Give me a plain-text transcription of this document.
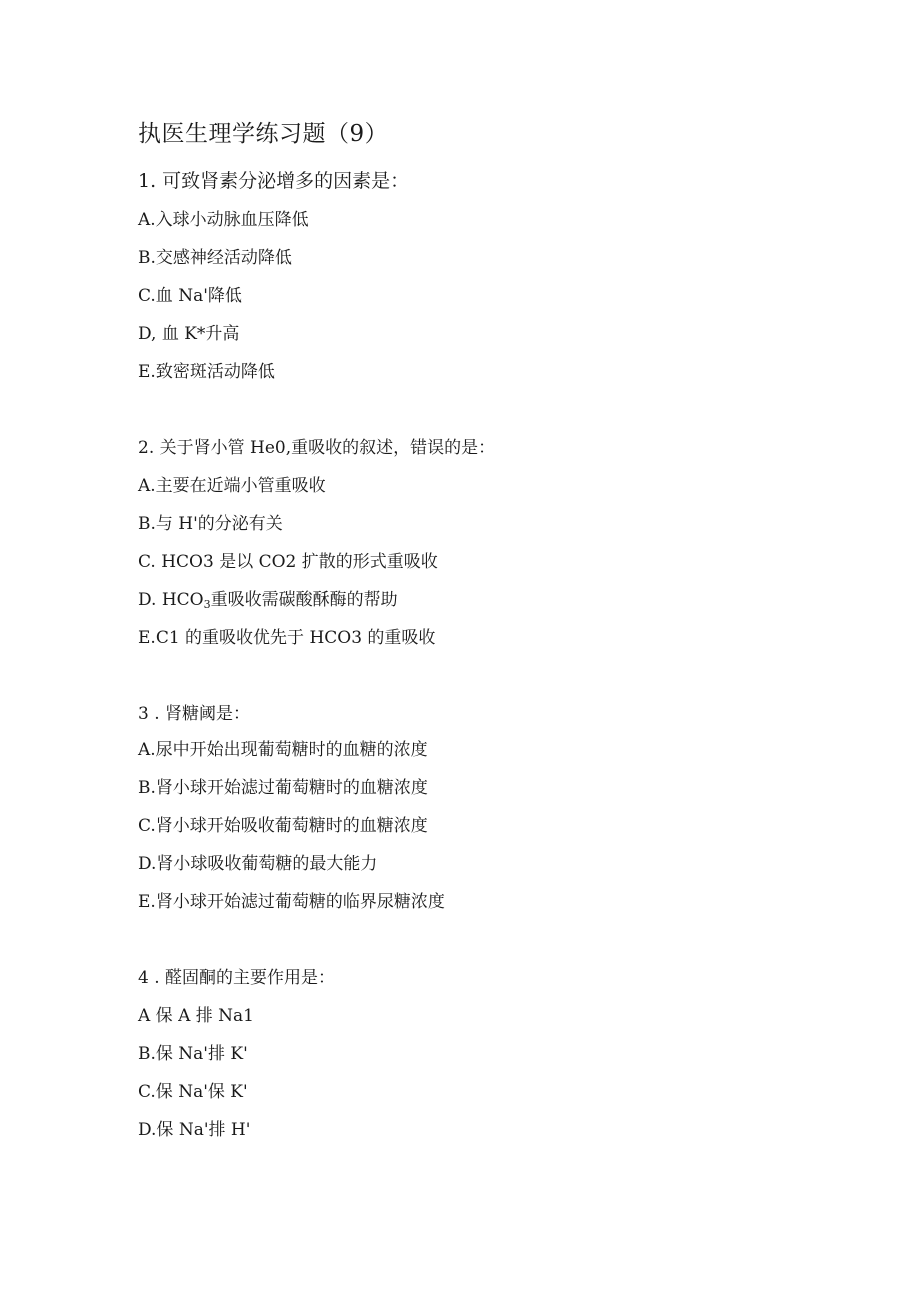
执医生理学练习题（9）
1. 可致肾素分泌增多的因素是：
A.入球小动脉血压降低
B.交感神经活动降低
C.血 Na'降低
D, 血 K*升高
E.致密斑活动降低
2. 关于肾小管 He0,重吸收的叙述，错误的是：
A.主要在近端小管重吸收
B.与 H'的分泌有关
C. HCO3 是以 CO2 扩散的形式重吸收
D. $HCO_3$重吸收需碳酸酥酶的帮助
E.C1 的重吸收优先于 HCO3 的重吸收
3 . 肾糖阈是：
A.尿中开始出现葡萄糖时的血糖的浓度
B.肾小球开始滤过葡萄糖时的血糖浓度
C.肾小球开始吸收葡萄糖时的血糖浓度
D.肾小球吸收葡萄糖的最大能力
E.肾小球开始滤过葡萄糖的临界尿糖浓度
4 . 醛固酮的主要作用是：
A 保 A 排 Na1
B.保 Na'排 K'
C.保 Na'保 K'
D.保 Na'排 H'
